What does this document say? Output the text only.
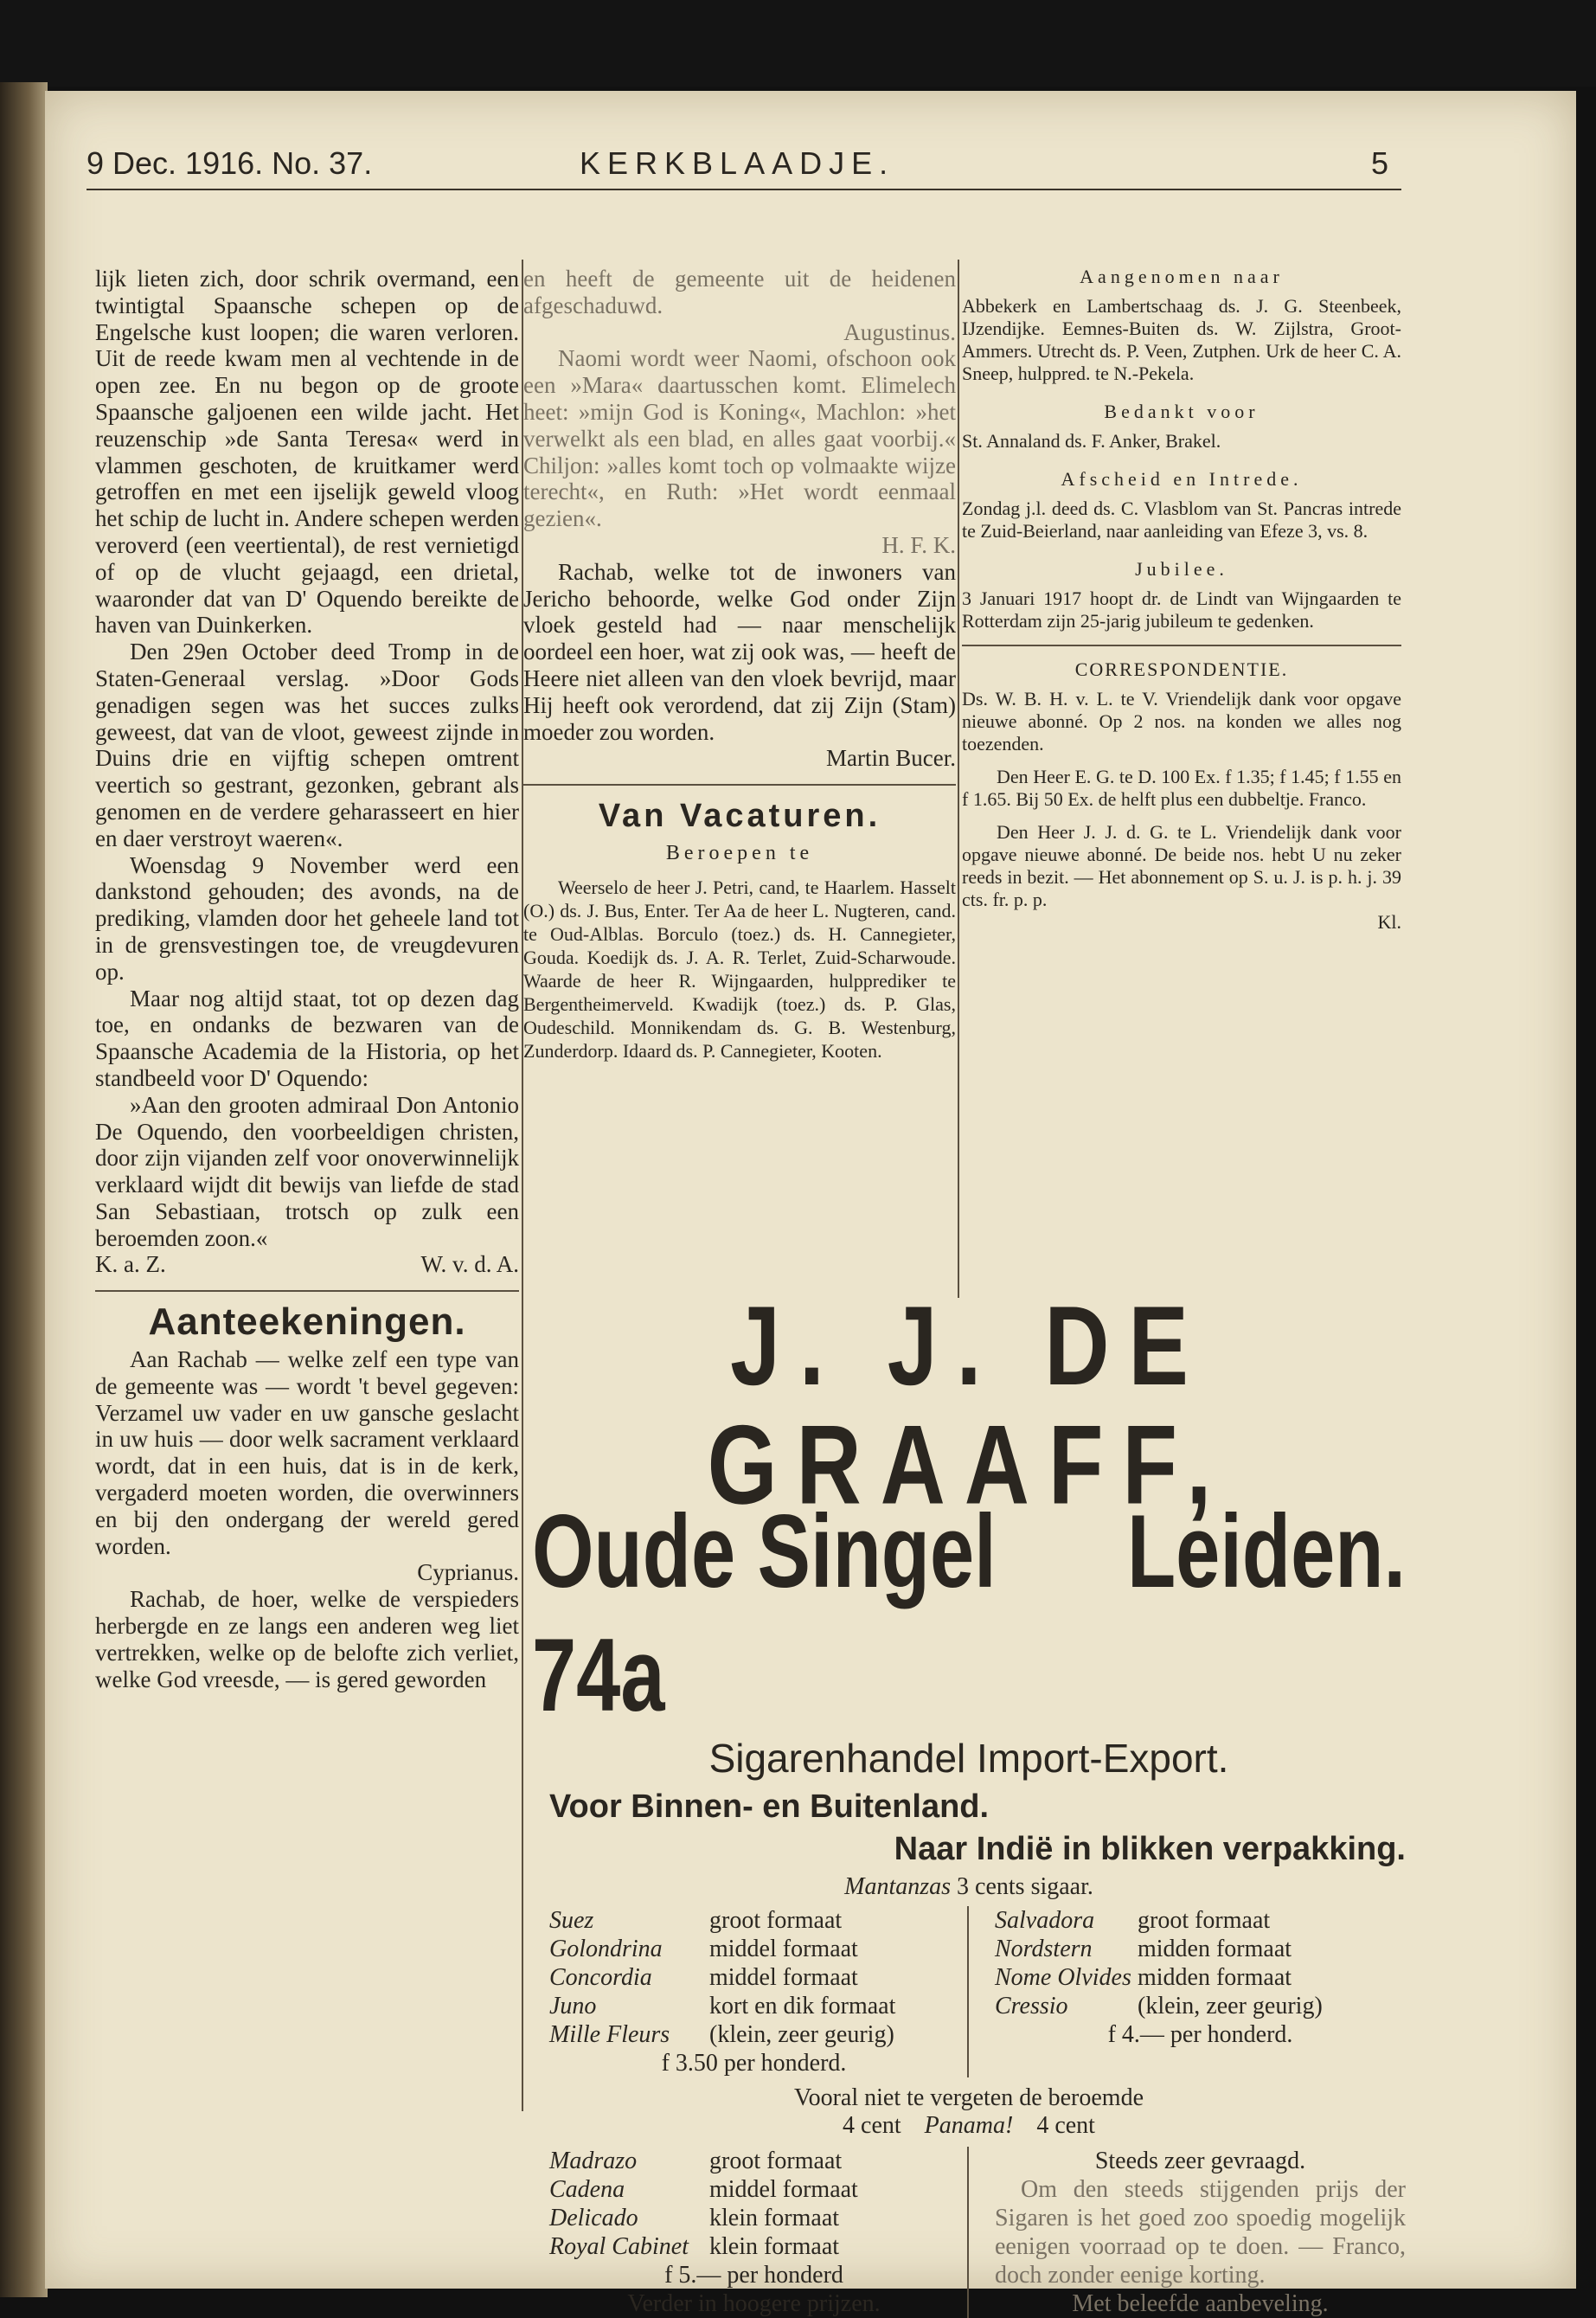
9 Dec. 1916. No. 37.	KERKBLAADJE.	5

lijk lieten zich, door schrik overmand, een twintigtal Spaansche schepen op de Engelsche kust loopen; die waren verloren. Uit de reede kwam men al vechtende in de open zee. En nu begon op de groote Spaansche galjoenen een wilde jacht. Het reuzenschip »de Santa Teresa« werd in vlammen geschoten, de kruitkamer werd getroffen en met een ijselijk geweld vloog het schip de lucht in. Andere schepen werden veroverd (een veertiental), de rest vernietigd of op de vlucht gejaagd, een drietal, waaronder dat van D' Oquendo bereikte de haven van Duinkerken.

Den 29en October deed Tromp in de Staten-Generaal verslag. »Door Gods genadigen segen was het succes zulks geweest, dat van de vloot, geweest zijnde in Duins drie en vijftig schepen omtrent veertich so gestrant, gezonken, gebrant als genomen en de verdere geharasseert en hier en daer verstroyt waeren«.

Woensdag 9 November werd een dankstond gehouden; des avonds, na de prediking, vlamden door het geheele land tot in de grensvestingen toe, de vreugdevuren op.

Maar nog altijd staat, tot op dezen dag toe, en ondanks de bezwaren van de Spaansche Academia de la Historia, op het standbeeld voor D' Oquendo:

»Aan den grooten admiraal Don Antonio De Oquendo, den voorbeeldigen christen, door zijn vijanden zelf voor onoverwinnelijk verklaard wijdt dit bewijs van liefde de stad San Sebastiaan, trotsch op zulk een beroemden zoon.«

K. a. Z.	W. v. d. A.
Aanteekeningen.

Aan Rachab — welke zelf een type van de gemeente was — wordt 't bevel gegeven: Verzamel uw vader en uw gansche geslacht in uw huis — door welk sacrament verklaard wordt, dat in een huis, dat is in de kerk, vergaderd moeten worden, die overwinners en bij den ondergang der wereld gered worden.

Cyprianus.

Rachab, de hoer, welke de verspieders herbergde en ze langs een anderen weg liet vertrekken, welke op de belofte zich verliet, welke God vreesde, — is gered geworden

en heeft de gemeente uit de heidenen afgeschaduwd.

Augustinus.

Naomi wordt weer Naomi, ofschoon ook een »Mara« daartusschen komt. Elimelech heet: »mijn God is Koning«, Machlon: »het verwelkt als een blad, en alles gaat voorbij.« Chiljon: »alles komt toch op volmaakte wijze terecht«, en Ruth: »Het wordt eenmaal gezien«.

H. F. K.

Rachab, welke tot de inwoners van Jericho behoorde, welke God onder Zijn vloek gesteld had — naar menschelijk oordeel een hoer, wat zij ook was, — heeft de Heere niet alleen van den vloek bevrijd, maar Hij heeft ook verordend, dat zij Zijn (Stam) moeder zou worden.

Martin Bucer.
Van Vacaturen.
Beroepen te

Weerselo de heer J. Petri, cand, te Haarlem. Hasselt (O.) ds. J. Bus, Enter. Ter Aa de heer L. Nugteren, cand. te Oud-Alblas. Borculo (toez.) ds. H. Cannegieter, Gouda. Koedijk ds. J. A. R. Terlet, Zuid-Scharwoude. Waarde de heer R. Wijngaarden, hulpprediker te Bergentheimerveld. Kwadijk (toez.) ds. P. Glas, Oudeschild. Monnikendam ds. G. B. Westenburg, Zunderdorp. Idaard ds. P. Cannegieter, Kooten.

Aangenomen naar

Abbekerk en Lambertschaag ds. J. G. Steenbeek, IJzendijke. Eemnes-Buiten ds. W. Zijlstra, Groot-Ammers. Utrecht ds. P. Veen, Zutphen. Urk de heer C. A. Sneep, hulppred. te N.-Pekela.

Bedankt voor

St. Annaland ds. F. Anker, Brakel.

Afscheid en Intrede.

Zondag j.l. deed ds. C. Vlasblom van St. Pancras intrede te Zuid-Beierland, naar aanleiding van Efeze 3, vs. 8.

Jubilee.

3 Januari 1917 hoopt dr. de Lindt van Wijngaarden te Rotterdam zijn 25-jarig jubileum te gedenken.

CORRESPONDENTIE.

Ds. W. B. H. v. L. te V. Vriendelijk dank voor opgave nieuwe abonné. Op 2 nos. na konden we alles nog toezenden.

Den Heer E. G. te D. 100 Ex. f 1.35; f 1.45; f 1.55 en f 1.65. Bij 50 Ex. de helft plus een dubbeltje. Franco.

Den Heer J. J. d. G. te L. Vriendelijk dank voor opgave nieuwe abonné. De beide nos. hebt U nu zeker reeds in bezit. — Het abonnement op S. u. J. is p. h. j. 39 cts. fr. p. p.

Kl.
J. J. DE GRAAFF,
Oude Singel 74a
Leiden.
Sigarenhandel Import-Export.
Voor Binnen- en Buitenland.
Naar Indië in blikken verpakking.
Mantanzas 3 cents sigaar.
Suez	groot formaat
Golondrina	middel formaat
Concordia	middel formaat
Juno	kort en dik formaat
Mille Fleurs	(klein, zeer geurig)
f 3.50 per honderd.
Salvadora	groot formaat
Nordstern	midden formaat
Nome Olvides midden formaat
Cressio	(klein, zeer geurig)
f 4.— per honderd.
Vooral niet te vergeten de beroemde
4 cent Panama! 4 cent
Madrazo	groot formaat
Cadena	middel formaat
Delicado	klein formaat
Royal Cabinet klein formaat
f 5.— per honderd
Verder in hoogere prijzen.
Steeds zeer gevraagd.
Om den steeds stijgenden prijs der Sigaren is het goed zoo spoedig mogelijk eenigen voorraad op te doen. — Franco, doch zonder eenige korting.
Met beleefde aanbeveling.
